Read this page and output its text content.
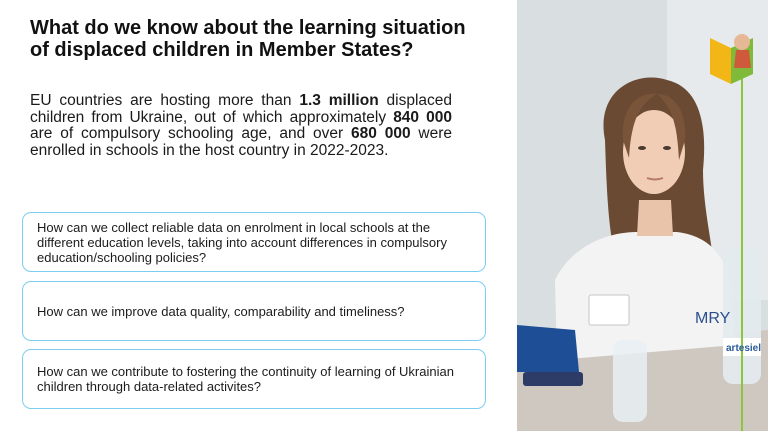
What do we know about the learning situation
of displaced children in Member States?
EU countries are hosting more than 1.3 million displaced children from Ukraine, out of which approximately 840 000 are of compulsory schooling age, and over 680 000 were enrolled in schools in the host country in 2022-2023.
How can we collect reliable data on enrolment in local schools at the different education levels, taking into account differences in compulsory education/schooling policies?
How can we improve data quality, comparability and timeliness?
How can we contribute to fostering the continuity of learning of Ukrainian children through data-related activites?
MRY
artesiel
